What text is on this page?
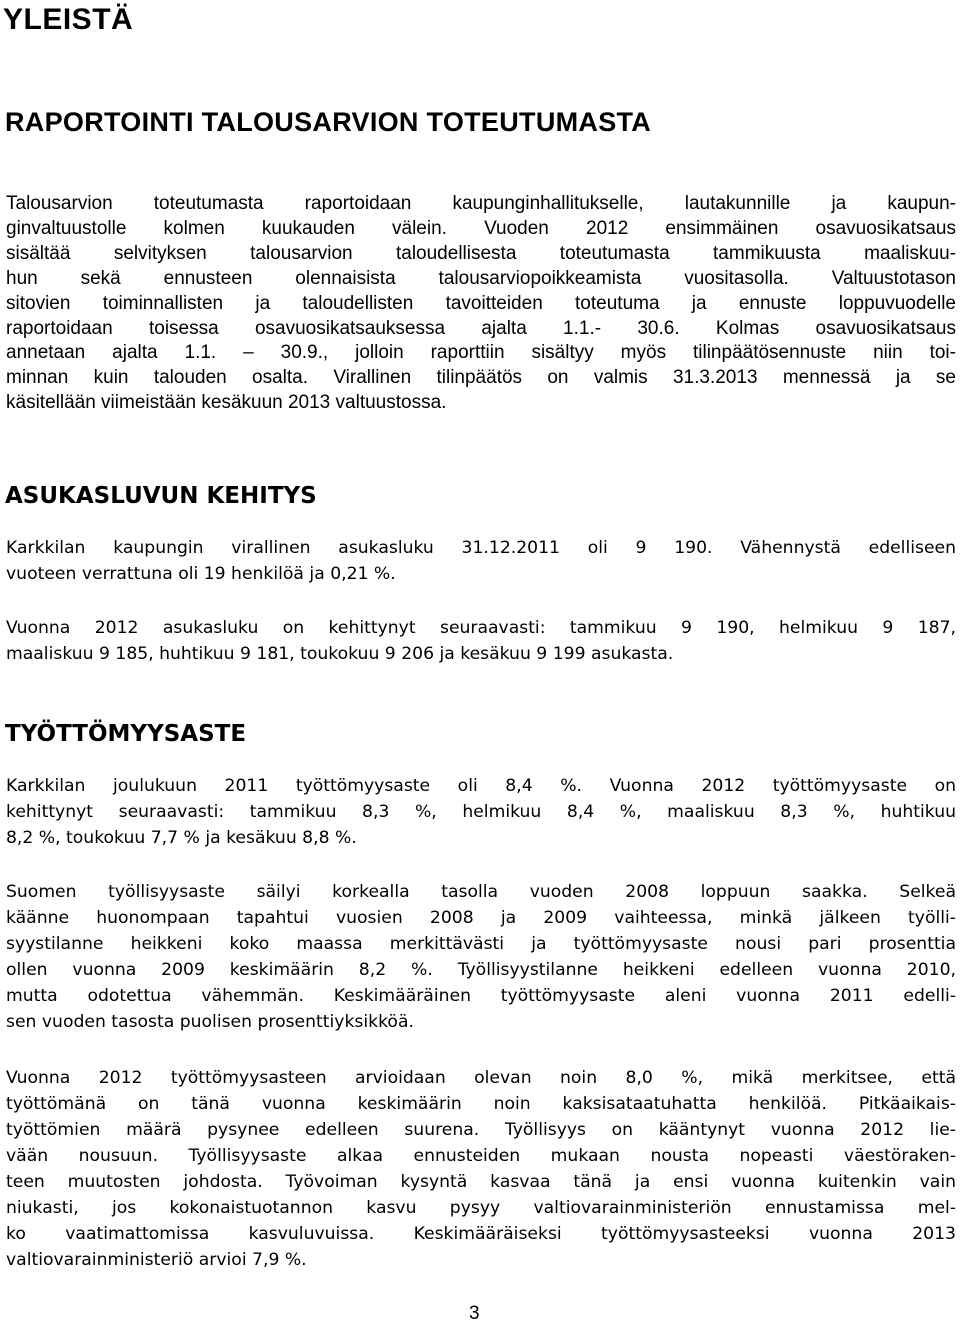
YLEISTÄ
RAPORTOINTI TALOUSARVION TOTEUTUMASTA
Talousarvion toteutumasta raportoidaan kaupunginhallitukselle, lautakunnille ja kaupun-
ginvaltuustolle kolmen kuukauden välein. Vuoden 2012 ensimmäinen osavuosikatsaus
sisältää selvityksen talousarvion taloudellisesta toteutumasta tammikuusta maaliskuu-
hun sekä ennusteen olennaisista talousarviopoikkeamista vuositasolla. Valtuustotason
sitovien toiminnallisten ja taloudellisten tavoitteiden toteutuma ja ennuste loppuvuodelle
raportoidaan toisessa osavuosikatsauksessa ajalta 1.1.- 30.6. Kolmas osavuosikatsaus
annetaan ajalta 1.1. – 30.9., jolloin raporttiin sisältyy myös tilinpäätösennuste niin toi-
minnan kuin talouden osalta. Virallinen tilinpäätös on valmis 31.3.2013 mennessä ja se
käsitellään viimeistään kesäkuun 2013 valtuustossa.
ASUKASLUVUN KEHITYS
Karkkilan kaupungin virallinen asukasluku 31.12.2011 oli 9 190. Vähennystä edelliseen
vuoteen verrattuna oli 19 henkilöä ja 0,21 %.
Vuonna 2012 asukasluku on kehittynyt seuraavasti: tammikuu 9 190, helmikuu 9 187,
maaliskuu 9 185, huhtikuu 9 181, toukokuu 9 206 ja kesäkuu 9 199 asukasta.
TYÖTTÖMYYSASTE
Karkkilan joulukuun 2011 työttömyysaste oli 8,4 %. Vuonna 2012 työttömyysaste on
kehittynyt seuraavasti: tammikuu 8,3 %, helmikuu 8,4 %, maaliskuu 8,3 %, huhtikuu
8,2 %, toukokuu 7,7 % ja kesäkuu 8,8 %.
Suomen työllisyysaste säilyi korkealla tasolla vuoden 2008 loppuun saakka. Selkeä
käänne huonompaan tapahtui vuosien 2008 ja 2009 vaihteessa, minkä jälkeen työlli-
syystilanne heikkeni koko maassa merkittävästi ja työttömyysaste nousi pari prosenttia
ollen vuonna 2009 keskimäärin 8,2 %. Työllisyystilanne heikkeni edelleen vuonna 2010,
mutta odotettua vähemmän. Keskimääräinen työttömyysaste aleni vuonna 2011 edelli-
sen vuoden tasosta puolisen prosenttiyksikköä.
Vuonna 2012 työttömyysasteen arvioidaan olevan noin 8,0 %, mikä merkitsee, että
työttömänä on tänä vuonna keskimäärin noin kaksisataatuhatta henkilöä. Pitkäaikais-
työttömien määrä pysynee edelleen suurena. Työllisyys on kääntynyt vuonna 2012 lie-
vään nousuun. Työllisyysaste alkaa ennusteiden mukaan nousta nopeasti väestöraken-
teen muutosten johdosta. Työvoiman kysyntä kasvaa tänä ja ensi vuonna kuitenkin vain
niukasti, jos kokonaistuotannon kasvu pysyy valtiovarainministeriön ennustamissa mel-
ko vaatimattomissa kasvuluvuissa. Keskimääräiseksi työttömyysasteeksi vuonna 2013
valtiovarainministeriö arvioi 7,9 %.
3
